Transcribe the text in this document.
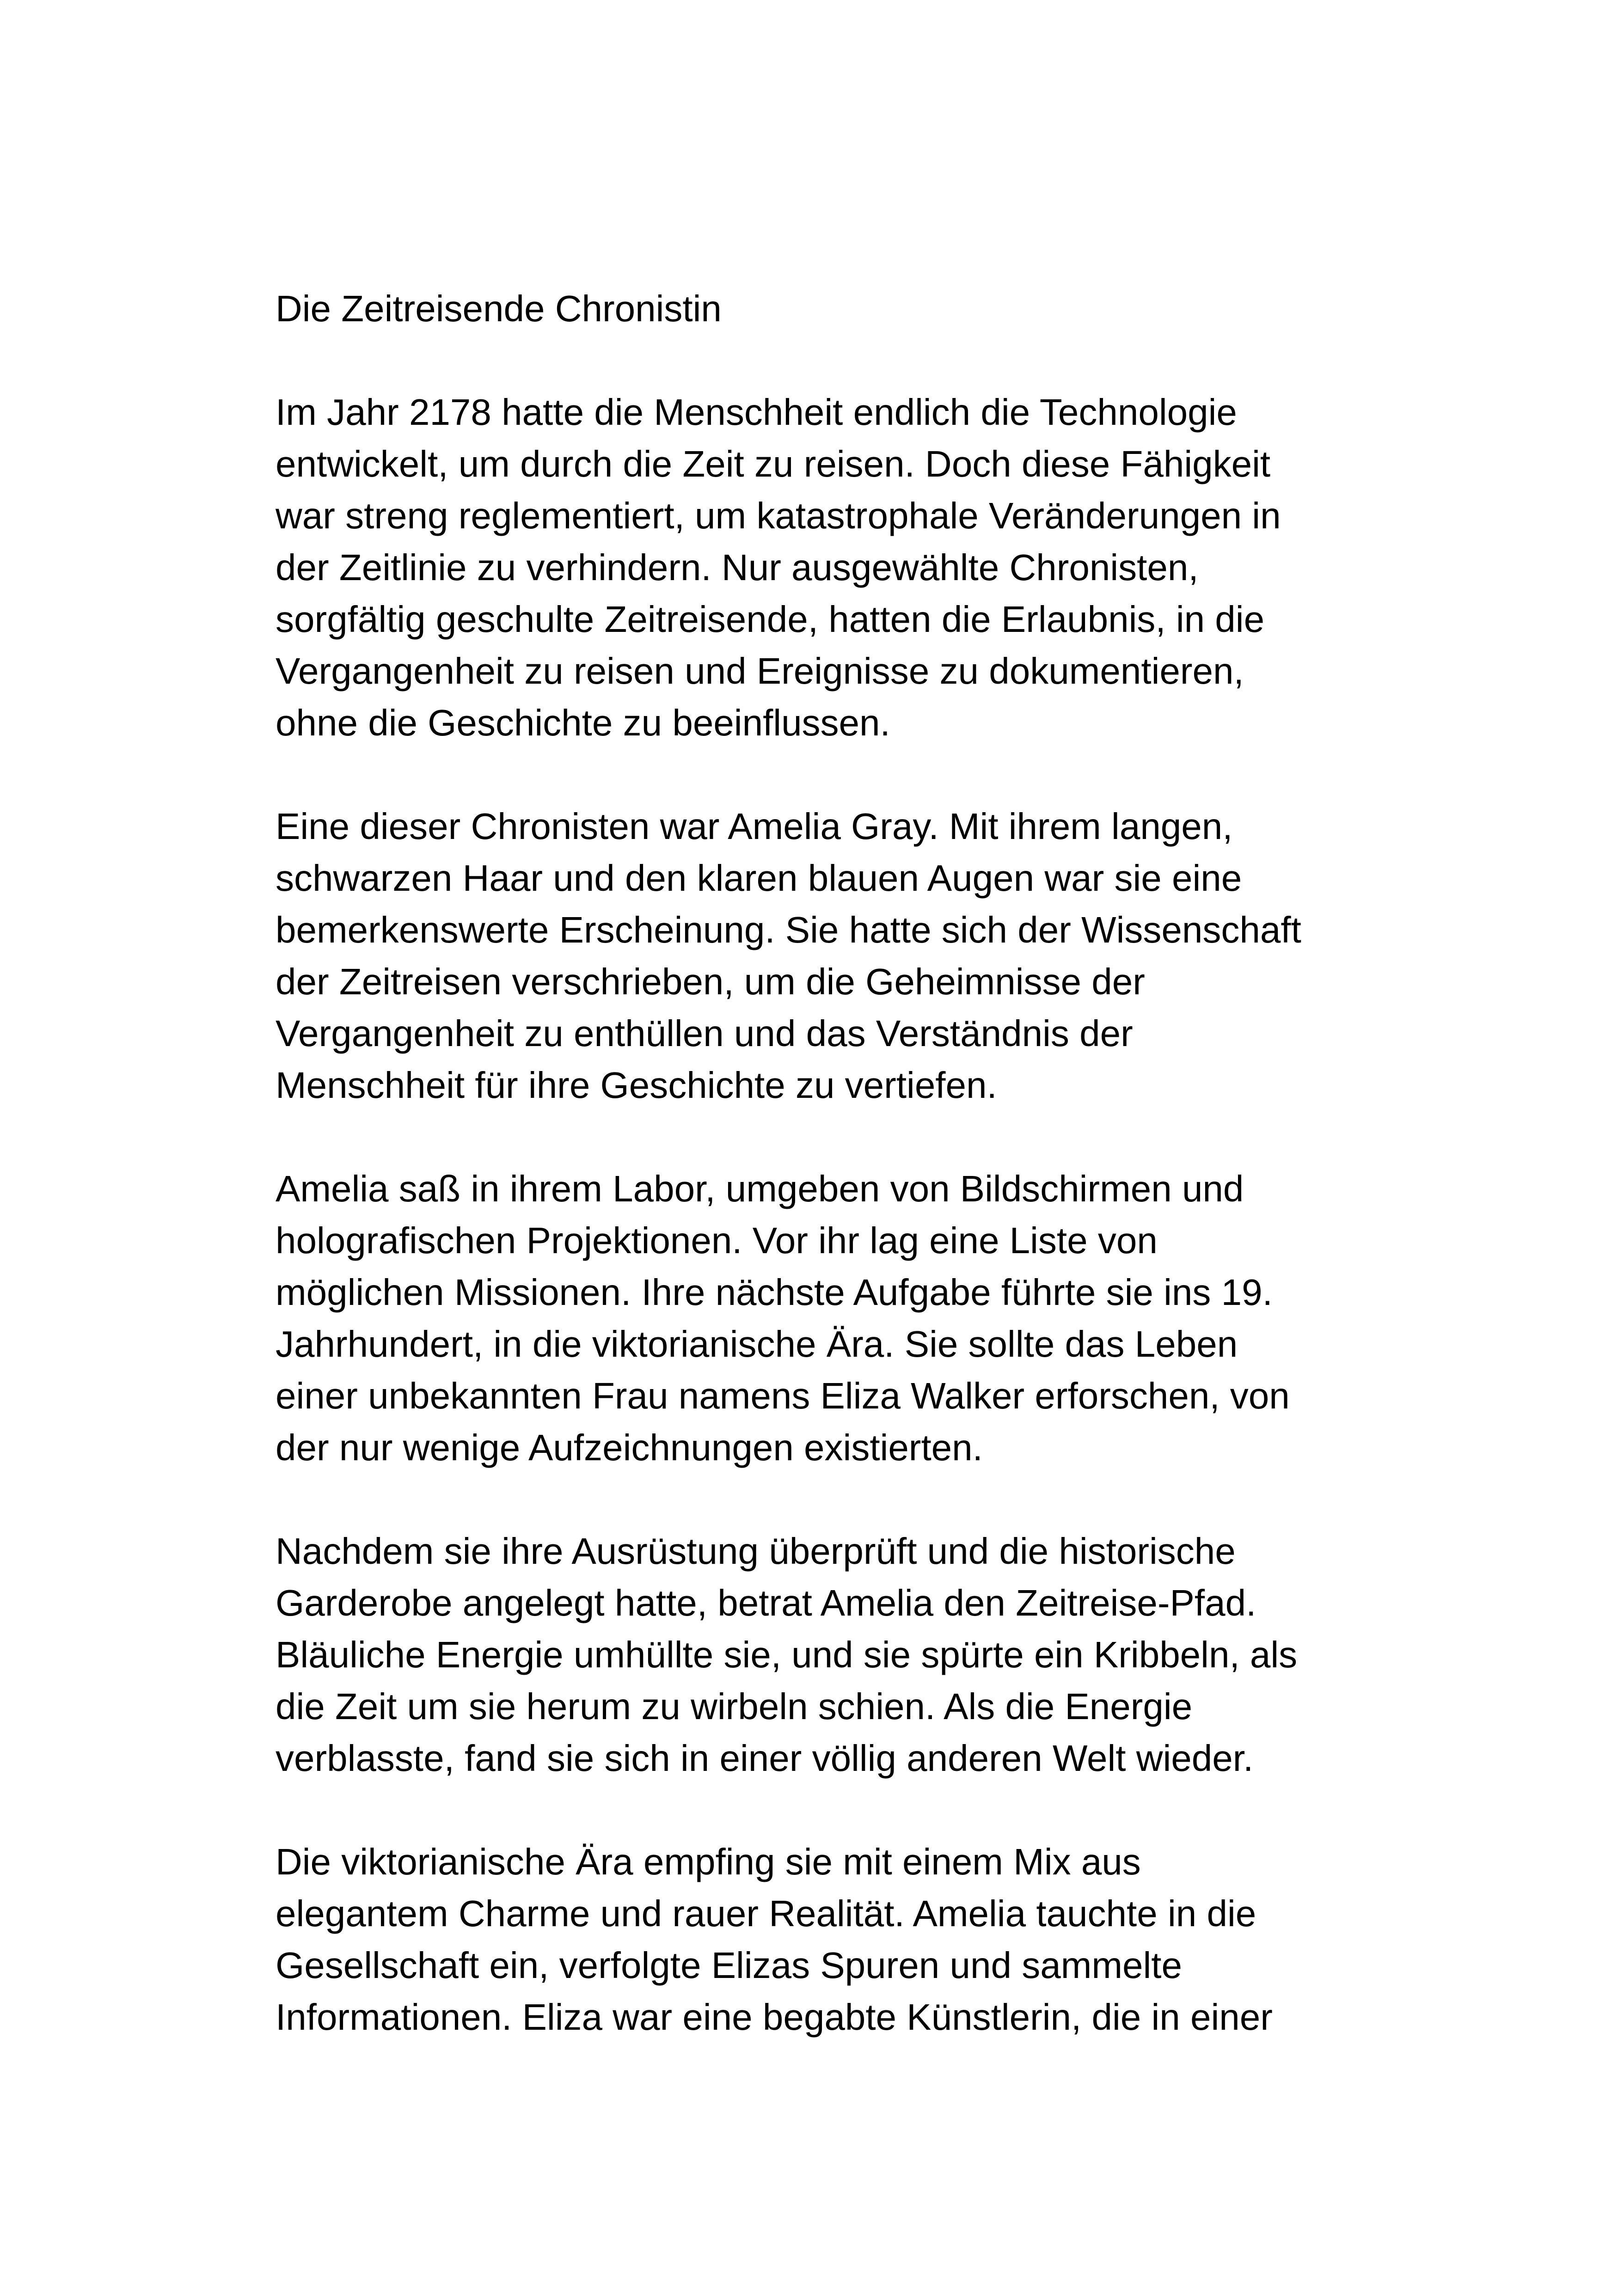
Die Zeitreisende Chronistin
Im Jahr 2178 hatte die Menschheit endlich die Technologie
entwickelt, um durch die Zeit zu reisen. Doch diese Fähigkeit
war streng reglementiert, um katastrophale Veränderungen in
der Zeitlinie zu verhindern. Nur ausgewählte Chronisten,
sorgfältig geschulte Zeitreisende, hatten die Erlaubnis, in die
Vergangenheit zu reisen und Ereignisse zu dokumentieren,
ohne die Geschichte zu beeinflussen.
Eine dieser Chronisten war Amelia Gray. Mit ihrem langen,
schwarzen Haar und den klaren blauen Augen war sie eine
bemerkenswerte Erscheinung. Sie hatte sich der Wissenschaft
der Zeitreisen verschrieben, um die Geheimnisse der
Vergangenheit zu enthüllen und das Verständnis der
Menschheit für ihre Geschichte zu vertiefen.
Amelia saß in ihrem Labor, umgeben von Bildschirmen und
holografischen Projektionen. Vor ihr lag eine Liste von
möglichen Missionen. Ihre nächste Aufgabe führte sie ins 19.
Jahrhundert, in die viktorianische Ära. Sie sollte das Leben
einer unbekannten Frau namens Eliza Walker erforschen, von
der nur wenige Aufzeichnungen existierten.
Nachdem sie ihre Ausrüstung überprüft und die historische
Garderobe angelegt hatte, betrat Amelia den Zeitreise-Pfad.
Bläuliche Energie umhüllte sie, und sie spürte ein Kribbeln, als
die Zeit um sie herum zu wirbeln schien. Als die Energie
verblasste, fand sie sich in einer völlig anderen Welt wieder.
Die viktorianische Ära empfing sie mit einem Mix aus
elegantem Charme und rauer Realität. Amelia tauchte in die
Gesellschaft ein, verfolgte Elizas Spuren und sammelte
Informationen. Eliza war eine begabte Künstlerin, die in einer
